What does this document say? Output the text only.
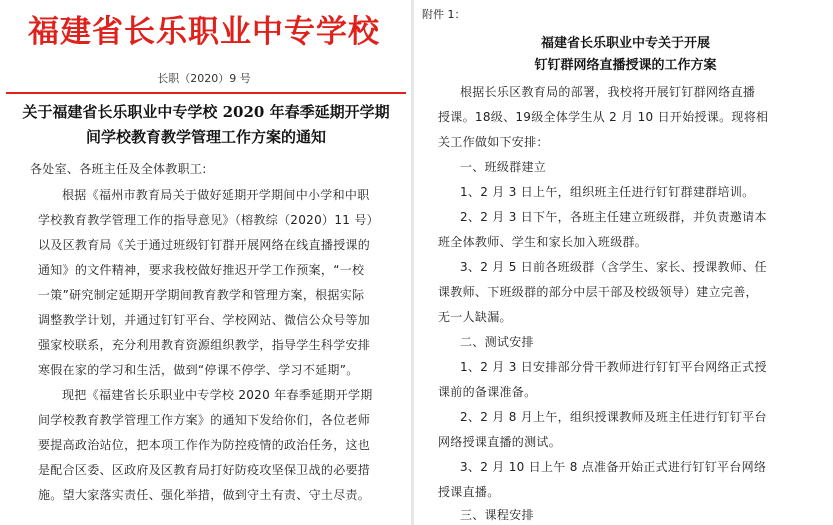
福建省长乐职业中专学校
长职（2020）9 号
关于福建省长乐职业中专学校 2020 年春季延期开学期
间学校教育教学管理工作方案的通知
各处室、各班主任及全体教职工:
根据《福州市教育局关于做好延期开学期间中小学和中职
学校教育教学管理工作的指导意见》（榕教综（2020）11 号）
以及区教育局《关于通过班级钉钉群开展网络在线直播授课的
通知》的文件精神，要求我校做好推迟开学工作预案，“一校
一策”研究制定延期开学期间教育教学和管理方案，根据实际
调整教学计划，并通过钉钉平台、学校网站、微信公众号等加
强家校联系，充分利用教育资源组织教学，指导学生科学安排
寒假在家的学习和生活，做到“停课不停学、学习不延期”。
现把《福建省长乐职业中专学校 2020 年春季延期开学期
间学校教育教学管理工作方案》的通知下发给你们，各位老师
要提高政治站位，把本项工作作为防控疫情的政治任务，这也
是配合区委、区政府及区教育局打好防疫攻坚保卫战的必要措
施。望大家落实责任、强化举措，做到守土有责、守土尽责。
附件 1：
福建省长乐职业中专关于开展
钉钉群网络直播授课的工作方案
根据长乐区教育局的部署，我校将开展钉钉群网络直播
授课。18级、19级全体学生从 2 月 10 日开始授课。现将相
关工作做如下安排：
一、班级群建立
1、2 月 3 日上午，组织班主任进行钉钉群建群培训。
2、2 月 3 日下午，各班主任建立班级群，并负责邀请本
班全体教师、学生和家长加入班级群。
3、2 月 5 日前各班级群（含学生、家长、授课教师、任
课教师、下班级群的部分中层干部及校级领导）建立完善，
无一人缺漏。
二、测试安排
1、2 月 3 日安排部分骨干教师进行钉钉平台网络正式授
课前的备课准备。
2、2 月 8 月上午，组织授课教师及班主任进行钉钉平台
网络授课直播的测试。
3、2 月 10 日上午 8 点准备开始正式进行钉钉平台网络
授课直播。
三、课程安排
